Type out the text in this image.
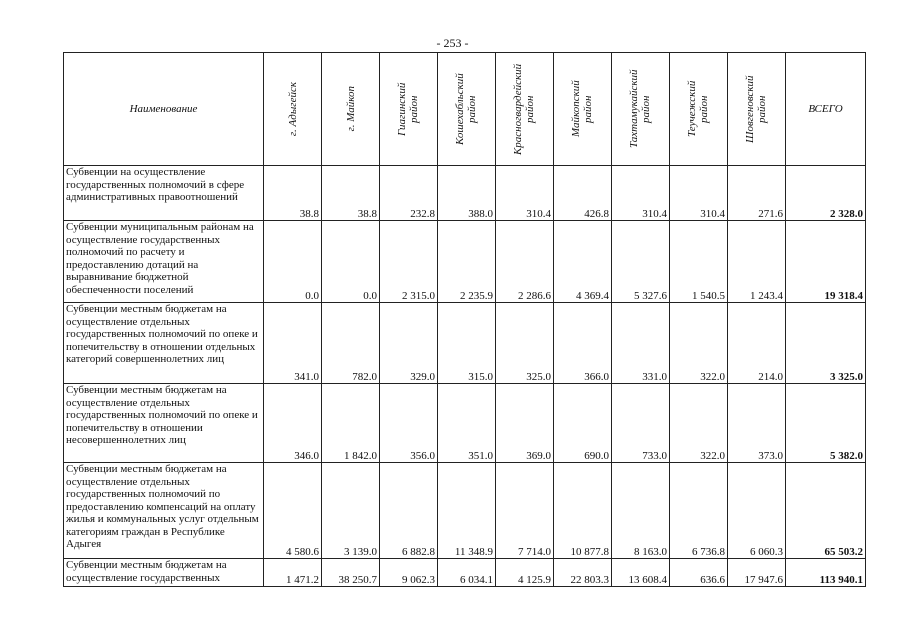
- 253 -
Наименование	г. Адыгейск	г. Майкоп	Гиагинский район	Кошехабльский район	Красногвардейский район	Майкопский район	Тахтамукайский район	Теучежский район	Шовгеновский район	ВСЕГО
Субвенции на осуществление государственных полномочий в сфере административных правоотношений	38.8	38.8	232.8	388.0	310.4	426.8	310.4	310.4	271.6	2 328.0
Субвенции муниципальным районам на осуществление государственных полномочий по расчету и предоставлению дотаций на выравнивание бюджетной обеспеченности поселений	0.0	0.0	2 315.0	2 235.9	2 286.6	4 369.4	5 327.6	1 540.5	1 243.4	19 318.4
Субвенции местным бюджетам на осуществление отдельных государственных полномочий по опеке и попечительству в отношении отдельных категорий совершеннолетних лиц	341.0	782.0	329.0	315.0	325.0	366.0	331.0	322.0	214.0	3 325.0
Субвенции местным бюджетам на осуществление отдельных государственных полномочий по опеке и попечительству в отношении несовершеннолетних лиц	346.0	1 842.0	356.0	351.0	369.0	690.0	733.0	322.0	373.0	5 382.0
Субвенции местным бюджетам на осуществление отдельных государственных полномочий по предоставлению компенсаций на оплату жилья и коммунальных услуг отдельным категориям граждан в Республике Адыгея	4 580.6	3 139.0	6 882.8	11 348.9	7 714.0	10 877.8	8 163.0	6 736.8	6 060.3	65 503.2
Субвенции местным бюджетам на осуществление государственных	1 471.2	38 250.7	9 062.3	6 034.1	4 125.9	22 803.3	13 608.4	636.6	17 947.6	113 940.1
